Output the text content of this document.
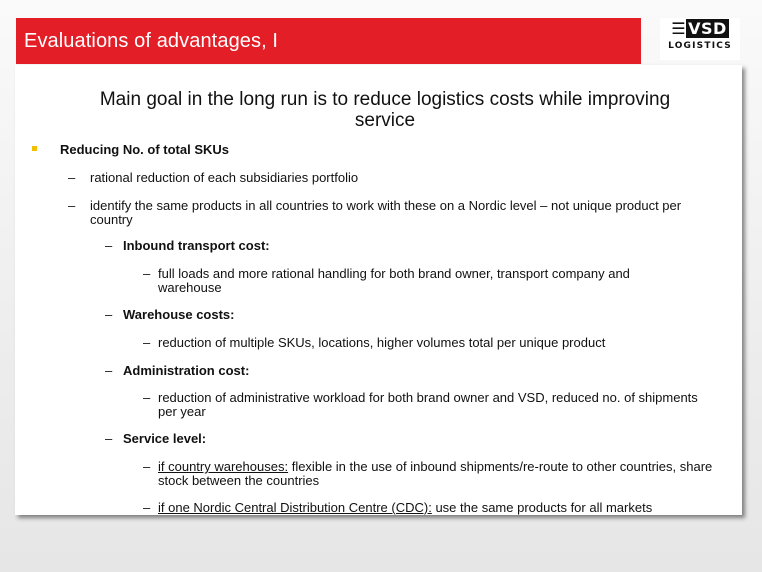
Evaluations of advantages, I
☰ VSD
LOGISTICS
Main goal in the long run is to reduce logistics costs while improving service
Reducing No. of total SKUs
– rational reduction of each subsidiaries portfolio
– identify the same products in all countries to work with these on a Nordic level – not unique product per country
– Inbound transport cost:
– full loads and more rational handling for both brand owner, transport company and warehouse
– Warehouse costs:
– reduction of multiple SKUs, locations, higher volumes total per unique product
– Administration cost:
– reduction of administrative workload for both brand owner and VSD, reduced no. of shipments per year
– Service level:
– if country warehouses: flexible in the use of inbound shipments/re-route to other countries, share stock between the countries
– if one Nordic Central Distribution Centre (CDC): use the same products for all markets
